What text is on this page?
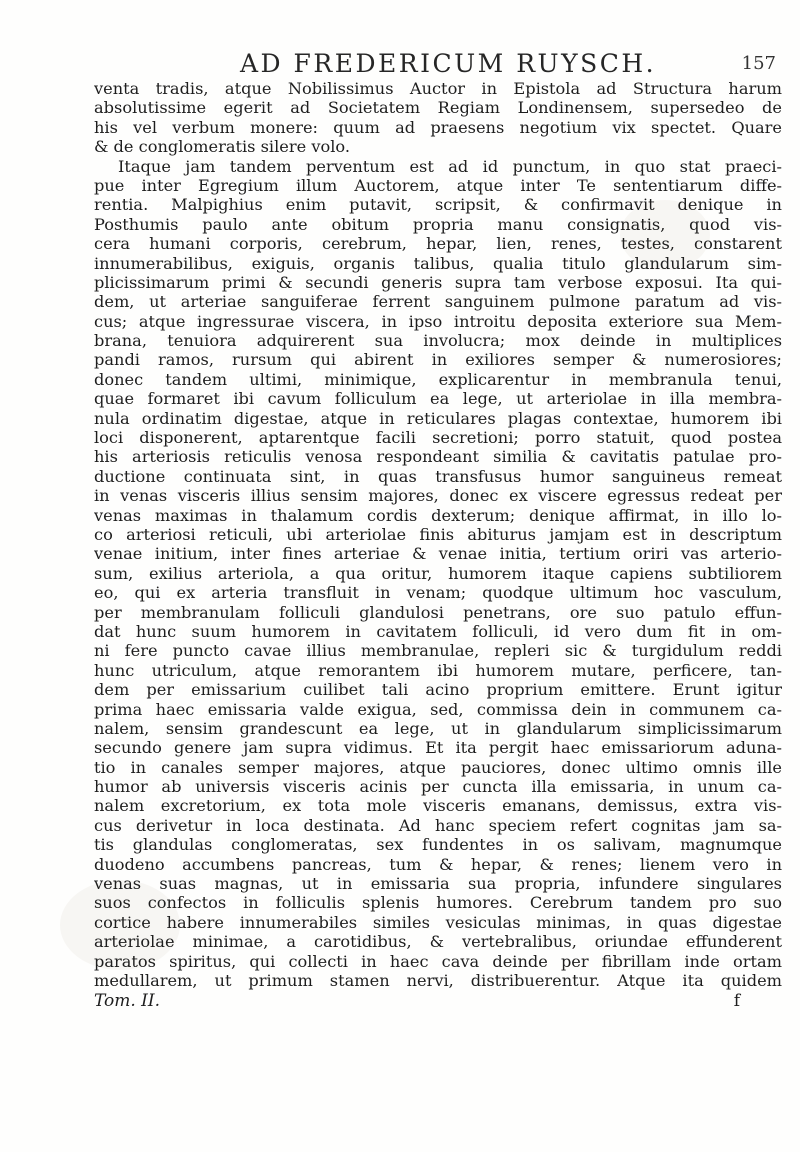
AD FREDERICUM RUYSCH.	157
venta tradis, atque Nobilissimus Auctor in Epistola ad Structura harum
absolutissime egerit ad Societatem Regiam Londinensem, supersedeo de
his vel verbum monere: quum ad praesens negotium vix spectet. Quare
& de conglomeratis silere volo.
Itaque jam tandem perventum est ad id punctum, in quo stat praeci-
pue inter Egregium illum Auctorem, atque inter Te sententiarum diffe-
rentia. Malpighius enim putavit, scripsit, & confirmavit denique in
Posthumis paulo ante obitum propria manu consignatis, quod vis-
cera humani corporis, cerebrum, hepar, lien, renes, testes, constarent
innumerabilibus, exiguis, organis talibus, qualia titulo glandularum sim-
plicissimarum primi & secundi generis supra tam verbose exposui. Ita qui-
dem, ut arteriae sanguiferae ferrent sanguinem pulmone paratum ad vis-
cus; atque ingressurae viscera, in ipso introitu deposita exteriore sua Mem-
brana, tenuiora adquirerent sua involucra; mox deinde in multiplices
pandi ramos, rursum qui abirent in exiliores semper & numerosiores;
donec tandem ultimi, minimique, explicarentur in membranula tenui,
quae formaret ibi cavum folliculum ea lege, ut arteriolae in illa membra-
nula ordinatim digestae, atque in reticulares plagas contextae, humorem ibi
loci disponerent, aptarentque facili secretioni; porro statuit, quod postea
his arteriosis reticulis venosa respondeant similia & cavitatis patulae pro-
ductione continuata sint, in quas transfusus humor sanguineus remeat
in venas visceris illius sensim majores, donec ex viscere egressus redeat per
venas maximas in thalamum cordis dexterum; denique affirmat, in illo lo-
co arteriosi reticuli, ubi arteriolae finis abiturus jamjam est in descriptum
venae initium, inter fines arteriae & venae initia, tertium oriri vas arterio-
sum, exilius arteriola, a qua oritur, humorem itaque capiens subtiliorem
eo, qui ex arteria transfluit in venam; quodque ultimum hoc vasculum,
per membranulam folliculi glandulosi penetrans, ore suo patulo effun-
dat hunc suum humorem in cavitatem folliculi, id vero dum fit in om-
ni fere puncto cavae illius membranulae, repleri sic & turgidulum reddi
hunc utriculum, atque remorantem ibi humorem mutare, perficere, tan-
dem per emissarium cuilibet tali acino proprium emittere. Erunt igitur
prima haec emissaria valde exigua, sed, commissa dein in communem ca-
nalem, sensim grandescunt ea lege, ut in glandularum simplicissimarum
secundo genere jam supra vidimus. Et ita pergit haec emissariorum aduna-
tio in canales semper majores, atque pauciores, donec ultimo omnis ille
humor ab universis visceris acinis per cuncta illa emissaria, in unum ca-
nalem excretorium, ex tota mole visceris emanans, demissus, extra vis-
cus derivetur in loca destinata. Ad hanc speciem refert cognitas jam sa-
tis glandulas conglomeratas, sex fundentes in os salivam, magnumque
duodeno accumbens pancreas, tum & hepar, & renes; lienem vero in
venas suas magnas, ut in emissaria sua propria, infundere singulares
suos confectos in folliculis splenis humores. Cerebrum tandem pro suo
cortice habere innumerabiles similes vesiculas minimas, in quas digestae
arteriolae minimae, a carotidibus, & vertebralibus, oriundae effunderent
paratos spiritus, qui collecti in haec cava deinde per fibrillam inde ortam
medullarem, ut primum stamen nervi, distribuerentur. Atque ita quidem
Tom. II.	f
